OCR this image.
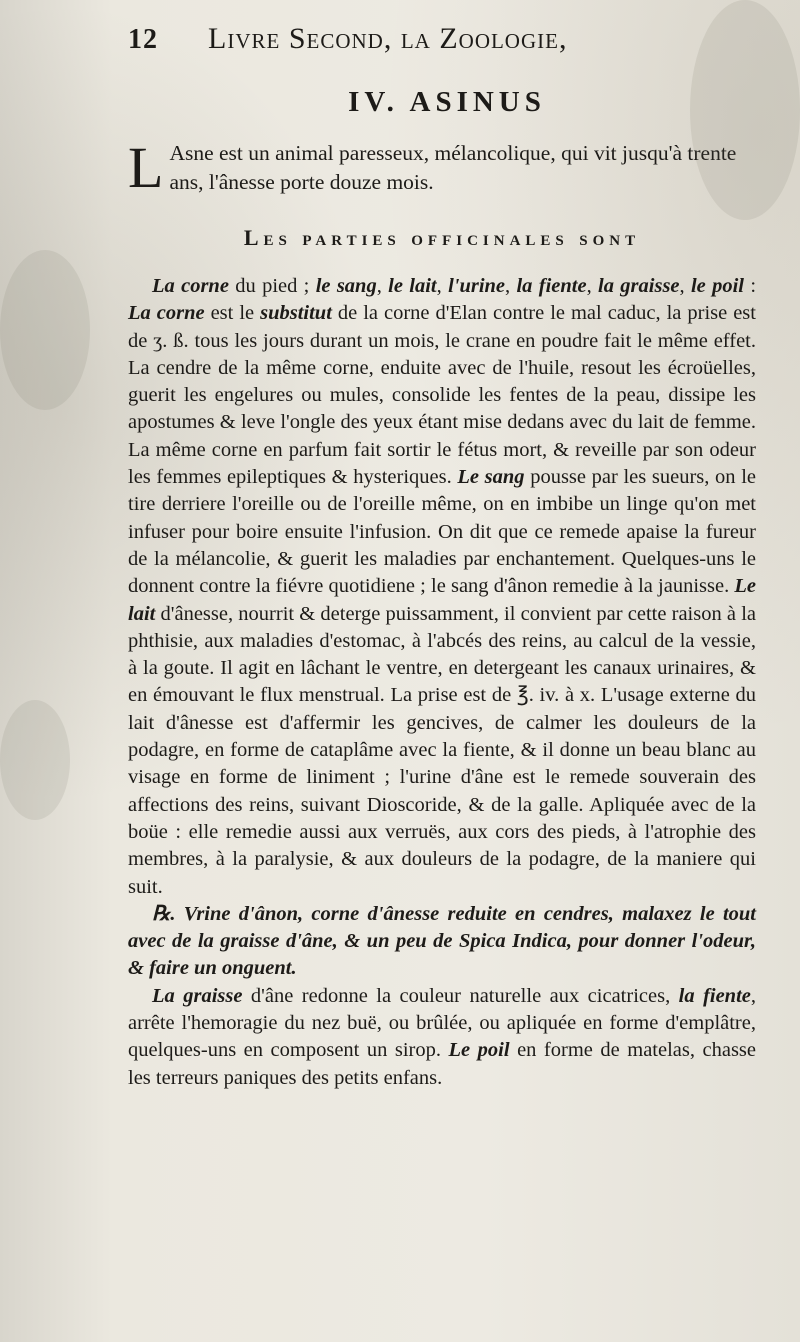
12	Livre Second, la Zoologie,
IV. ASINUS

L Asne est un animal paresseux, mélancolique, qui vit jusqu'à trente ans, l'ânesse porte douze mois.

Les parties officinales sont

La corne du pied ; le sang, le lait, l'urine, la fiente, la graisse, le poil : La corne est le substitut de la corne d'Elan contre le mal caduc, la prise est de ʒ. ß. tous les jours durant un mois, le crane en poudre fait le même effet. La cendre de la même corne, enduite avec de l'huile, resout les écroüelles, guerit les engelures ou mules, consolide les fentes de la peau, dissipe les apostumes & leve l'ongle des yeux étant mise dedans avec du lait de femme. La même corne en parfum fait sortir le fétus mort, & reveille par son odeur les femmes epileptiques & hysteriques. Le sang pousse par les sueurs, on le tire derriere l'oreille ou de l'oreille même, on en imbibe un linge qu'on met infuser pour boire ensuite l'infusion. On dit que ce remede apaise la fureur de la mélancolie, & guerit les maladies par enchantement. Quelques-uns le donnent contre la fiévre quotidiene ; le sang d'ânon remedie à la jaunisse. Le lait d'ânesse, nourrit & deterge puissamment, il convient par cette raison à la phthisie, aux maladies d'estomac, à l'abcés des reins, au calcul de la vessie, à la goute. Il agit en lâchant le ventre, en detergeant les canaux urinaires, & en émouvant le flux menstrual. La prise est de ℥. iv. à x. L'usage externe du lait d'ânesse est d'affermir les gencives, de calmer les douleurs de la podagre, en forme de cataplâme avec la fiente, & il donne un beau blanc au visage en forme de liniment ; l'urine d'âne est le remede souverain des affections des reins, suivant Dioscoride, & de la galle. Apliquée avec de la boüe : elle remedie aussi aux verruës, aux cors des pieds, à l'atrophie des membres, à la paralysie, & aux douleurs de la podagre, de la maniere qui suit.

℞. Vrine d'ânon, corne d'ânesse reduite en cendres, malaxez le tout avec de la graisse d'âne, & un peu de Spica Indica, pour donner l'odeur, & faire un onguent.

La graisse d'âne redonne la couleur naturelle aux cicatrices, la fiente, arrête l'hemoragie du nez buë, ou brûlée, ou apliquée en forme d'emplâtre, quelques-uns en composent un sirop. Le poil en forme de matelas, chasse les terreurs paniques des petits enfans.
